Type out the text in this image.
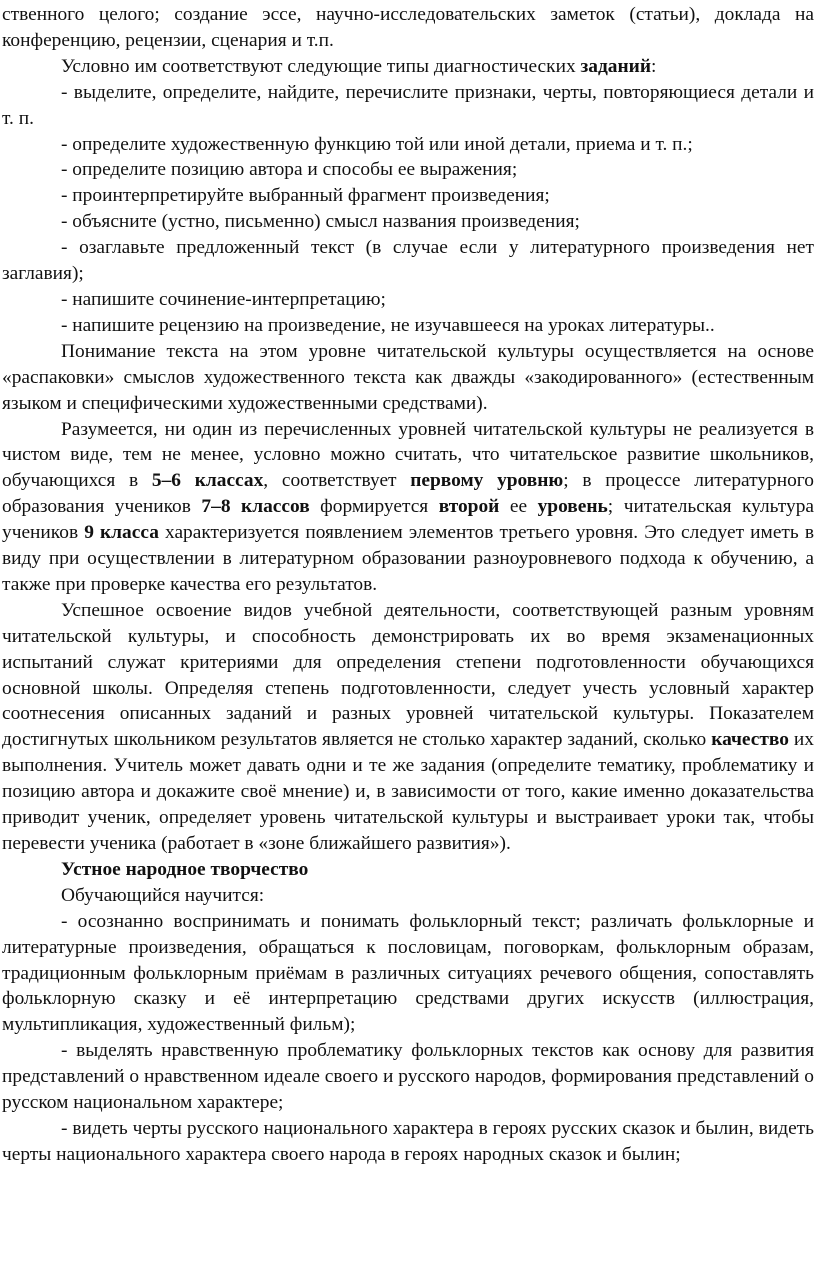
ственного целого; создание эссе, научно-исследовательских заметок (статьи), доклада на конференцию, рецензии, сценария и т.п.

Условно им соответствуют следующие типы диагностических заданий:

- выделите, определите, найдите, перечислите признаки, черты, повторяющиеся детали и т. п.

- определите художественную функцию той или иной детали, приема и т. п.;

- определите позицию автора и способы ее выражения;

- проинтерпретируйте выбранный фрагмент произведения;

- объясните (устно, письменно) смысл названия произведения;

- озаглавьте предложенный текст (в случае если у литературного произведения нет заглавия);

- напишите сочинение-интерпретацию;

- напишите рецензию на произведение, не изучавшееся на уроках литературы..

Понимание текста на этом уровне читательской культуры осуществляется на основе «распаковки» смыслов художественного текста как дважды «закодированного» (естественным языком и специфическими художественными средствами).

Разумеется, ни один из перечисленных уровней читательской культуры не реализуется в чистом виде, тем не менее, условно можно считать, что читательское развитие школьников, обучающихся в 5–6 классах, соответствует первому уровню; в процессе литературного образования учеников 7–8 классов формируется второй ее уровень; читательская культура учеников 9 класса характеризуется появлением элементов третьего уровня. Это следует иметь в виду при осуществлении в литературном образовании разноуровневого подхода к обучению, а также при проверке качества его результатов.

Успешное освоение видов учебной деятельности, соответствующей разным уровням читательской культуры, и способность демонстрировать их во время экзаменационных испытаний служат критериями для определения степени подготовленности обучающихся основной школы. Определяя степень подготовленности, следует учесть условный характер соотнесения описанных заданий и разных уровней читательской культуры. Показателем достигнутых школьником результатов является не столько характер заданий, сколько качество их выполнения. Учитель может давать одни и те же задания (определите тематику, проблематику и позицию автора и докажите своё мнение) и, в зависимости от того, какие именно доказательства приводит ученик, определяет уровень читательской культуры и выстраивает уроки так, чтобы перевести ученика (работает в «зоне ближайшего развития»).

Устное народное творчество

Обучающийся научится:

- осознанно воспринимать и понимать фольклорный текст; различать фольклорные и литературные произведения, обращаться к пословицам, поговоркам, фольклорным образам, традиционным фольклорным приёмам в различных ситуациях речевого общения, сопоставлять фольклорную сказку и её интерпретацию средствами других искусств (иллюстрация, мультипликация, художественный фильм);

- выделять нравственную проблематику фольклорных текстов как основу для развития представлений о нравственном идеале своего и русского народов, формирования представлений о русском национальном характере;

- видеть черты русского национального характера в героях русских сказок и былин, видеть черты национального характера своего народа в героях народных сказок и былин;
